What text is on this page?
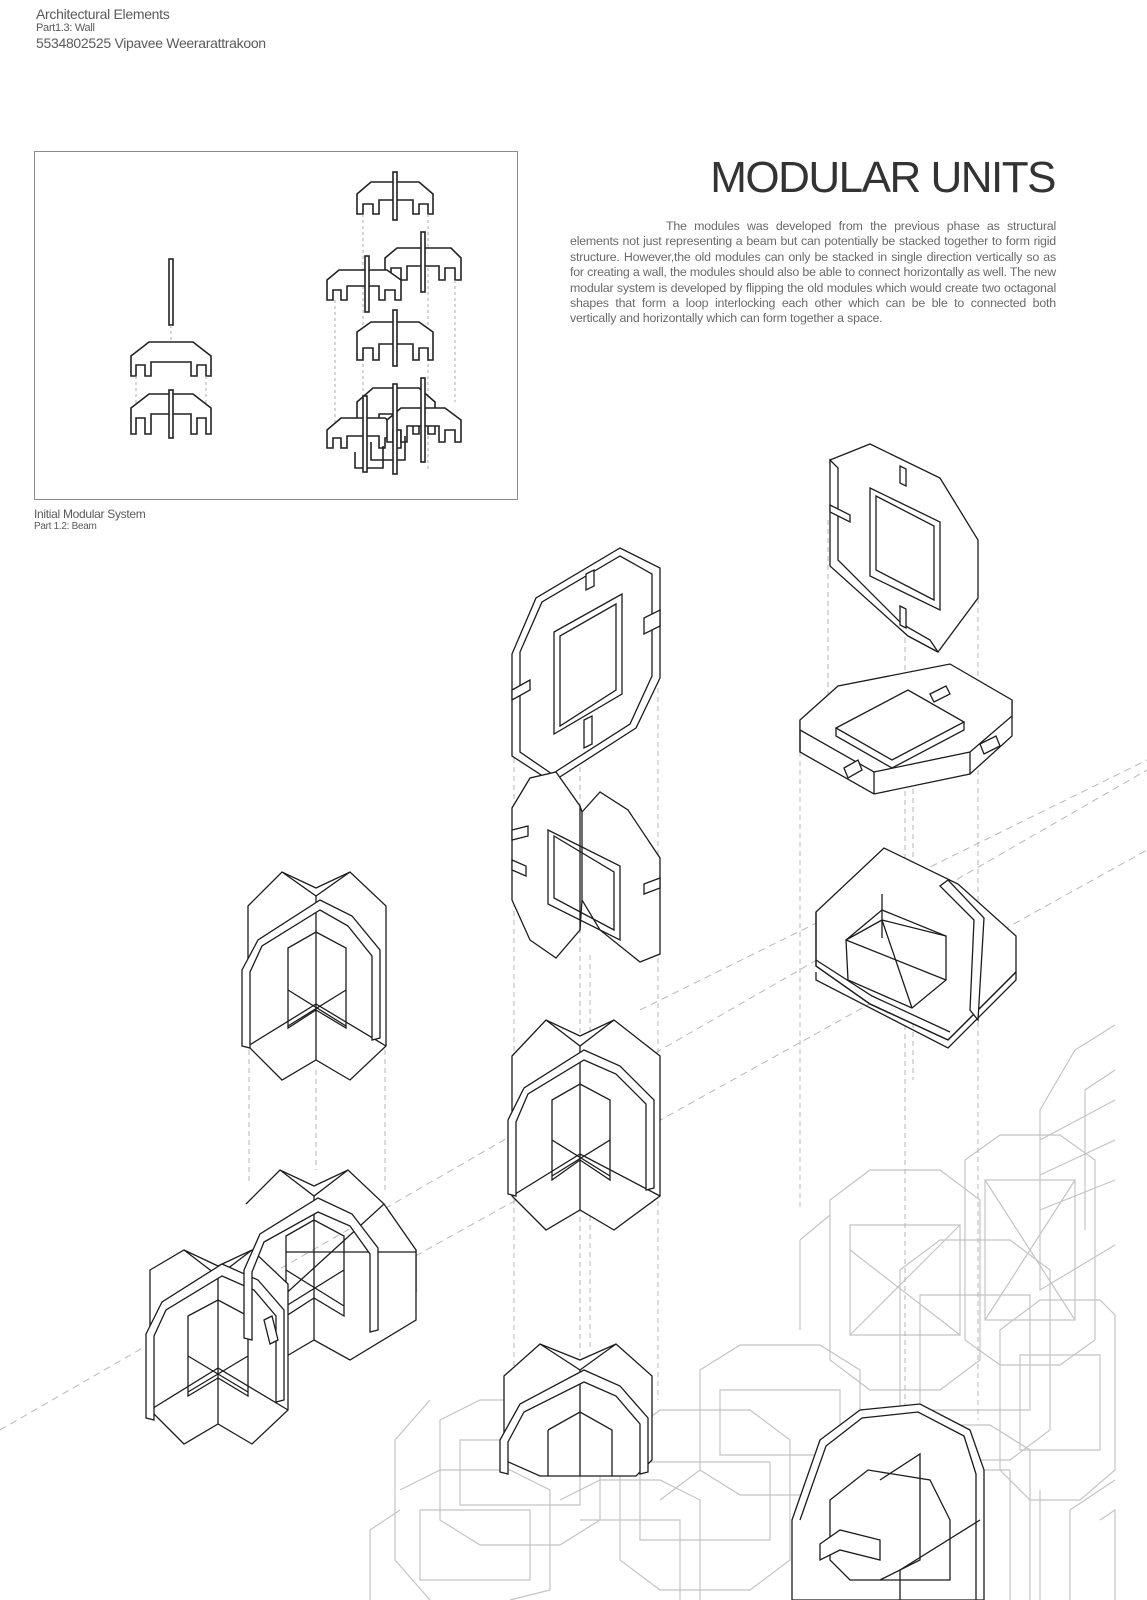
Architectural Elements
Part1.3: Wall
5534802525 Vipavee Weerarattrakoon
Initial Modular System
Part 1.2: Beam
MODULAR UNITS

The modules was developed from the previous phase as structural elements not just representing a beam but can potentially be stacked together to form rigid structure. However,the old modules can only be stacked in single direction vertically so as for creating a wall, the modules should also be able to connect horizontally as well. The new modular system is developed by flipping the old modules which would create two octagonal shapes that form a loop interlocking each other which can be ble to connected both vertically and horizontally which can form together a space.
